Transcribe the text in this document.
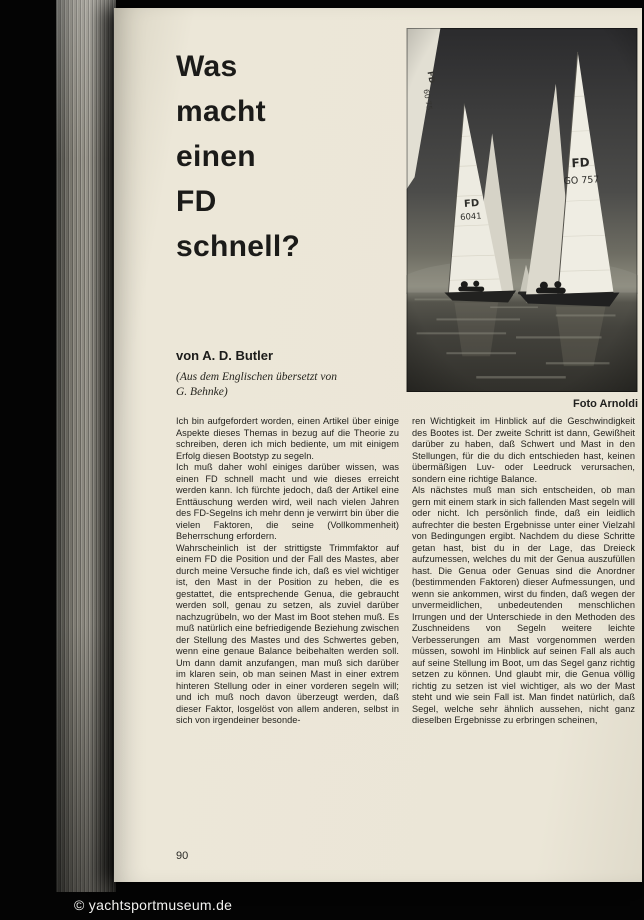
Was
macht
einen
FD
schnell?
von A. D. Butler
(Aus dem Englischen übersetzt von
G. Behnke)
Foto Arnoldi

Ich bin aufgefordert worden, einen Artikel über einige Aspekte dieses Themas in bezug auf die Theorie zu schreiben, deren ich mich bediente, um mit einigem Erfolg diesen Bootstyp zu segeln.

Ich muß daher wohl einiges darüber wissen, was einen FD schnell macht und wie dieses erreicht werden kann. Ich fürchte jedoch, daß der Artikel eine Enttäuschung werden wird, weil nach vielen Jahren des FD-Segelns ich mehr denn je verwirrt bin über die vielen Faktoren, die seine (Vollkommenheit) Beherrschung erfordern.

Wahrscheinlich ist der strittigste Trimmfaktor auf einem FD die Position und der Fall des Mastes, aber durch meine Versuche finde ich, daß es viel wichtiger ist, den Mast in der Position zu heben, die es gestattet, die entsprechende Genua, die gebraucht werden soll, genau zu setzen, als zuviel darüber nachzugrübeln, wo der Mast im Boot stehen muß. Es muß natürlich eine befriedigende Beziehung zwischen der Stellung des Mastes und des Schwertes geben, wenn eine genaue Balance beibehalten werden soll. Um dann damit anzufangen, man muß sich darüber im klaren sein, ob man seinen Mast in einer extrem hinteren Stellung oder in einer vorderen segeln will; und ich muß noch davon überzeugt werden, daß dieser Faktor, losgelöst von allem anderen, selbst in sich von irgendeiner besonde-

ren Wichtigkeit im Hinblick auf die Geschwindigkeit des Bootes ist. Der zweite Schritt ist dann, Gewißheit darüber zu haben, daß Schwert und Mast in den Stellungen, für die du dich entschieden hast, keinen übermäßigen Luv- oder Leedruck verursachen, sondern eine richtige Balance.

Als nächstes muß man sich entscheiden, ob man gern mit einem stark in sich fallenden Mast segeln will oder nicht. Ich persönlich finde, daß ein leidlich aufrechter die besten Ergebnisse unter einer Vielzahl von Bedingungen ergibt. Nachdem du diese Schritte getan hast, bist du in der Lage, das Dreieck aufzumessen, welches du mit der Genua auszufüllen hast. Die Genua oder Genuas sind die Anordner (bestimmenden Faktoren) dieser Aufmessungen, und wenn sie ankommen, wirst du finden, daß wegen der unvermeidlichen, unbedeutenden menschlichen Irrungen und der Unterschiede in den Methoden des Zuschneidens von Segeln weitere leichte Verbesserungen am Mast vorgenommen werden müssen, sowohl im Hinblick auf seinen Fall als auch auf seine Stellung im Boot, um das Segel ganz richtig setzen zu können. Und glaubt mir, die Genua völlig richtig zu setzen ist viel wichtiger, als wo der Mast steht und wie sein Fall ist. Man findet natürlich, daß Segel, welche sehr ähnlich aussehen, nicht ganz dieselben Ergebnisse zu erbringen scheinen,

90
© yachtsportmuseum.de
